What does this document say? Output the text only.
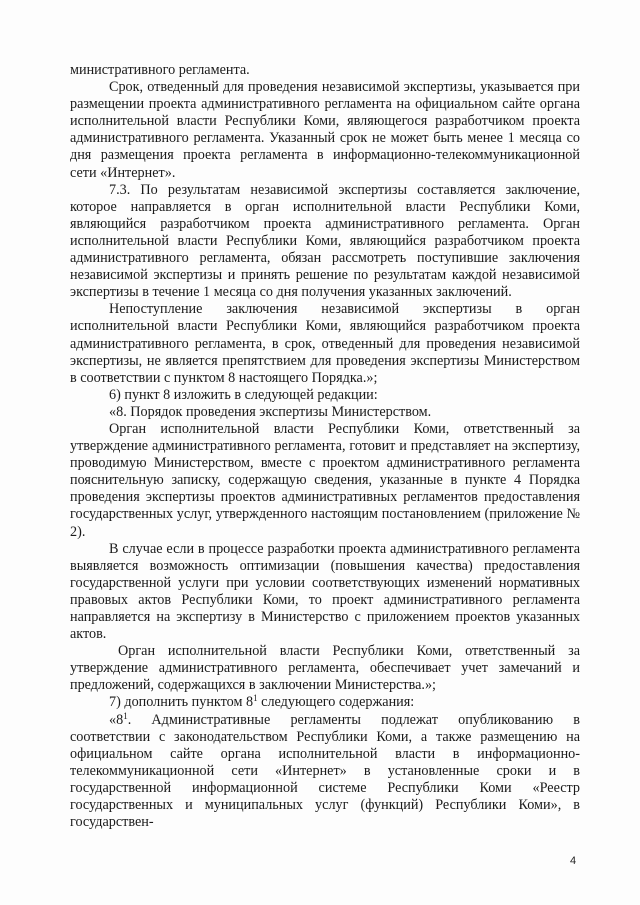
министративного регламента.

Срок, отведенный для проведения независимой экспертизы, указывается при размещении проекта административного регламента на официальном сайте органа исполнительной власти Республики Коми, являющегося разработчиком проекта административного регламента. Указанный срок не может быть менее 1 месяца со дня размещения проекта регламента в информационно-телекоммуникационной сети «Интернет».

7.3. По результатам независимой экспертизы составляется заключение, которое направляется в орган исполнительной власти Республики Коми, являющийся разработчиком проекта административного регламента. Орган исполнительной власти Республики Коми, являющийся разработчиком проекта административного регламента, обязан рассмотреть поступившие заключения независимой экспертизы и принять решение по результатам каждой независимой экспертизы в течение 1 месяца со дня получения указанных заключений.

Непоступление заключения независимой экспертизы в орган исполнительной власти Республики Коми, являющийся разработчиком проекта административного регламента, в срок, отведенный для проведения независимой экспертизы, не является препятствием для проведения экспертизы Министерством в соответствии с пунктом 8 настоящего Порядка.»;

6) пункт 8 изложить в следующей редакции:

«8. Порядок проведения экспертизы Министерством.

Орган исполнительной власти Республики Коми, ответственный за утверждение административного регламента, готовит и представляет на экспертизу, проводимую Министерством, вместе с проектом административного регламента пояснительную записку, содержащую сведения, указанные в пункте 4 Порядка проведения экспертизы проектов административных регламентов предоставления государственных услуг, утвержденного настоящим постановлением (приложение № 2).

В случае если в процессе разработки проекта административного регламента выявляется возможность оптимизации (повышения качества) предоставления государственной услуги при условии соответствующих изменений нормативных правовых актов Республики Коми, то проект административного регламента направляется на экспертизу в Министерство с приложением проектов указанных актов.

Орган исполнительной власти Республики Коми, ответственный за утверждение административного регламента, обеспечивает учет замечаний и предложений, содержащихся в заключении Министерства.»;

7) дополнить пунктом $8^1$ следующего содержания:

«$8^1$. Административные регламенты подлежат опубликованию в соответствии с законодательством Республики Коми, а также размещению на официальном сайте органа исполнительной власти в информационно-телекоммуникационной сети «Интернет» в установленные сроки и в государственной информационной системе Республики Коми «Реестр государственных и муниципальных услуг (функций) Республики Коми», в государствен-

4
